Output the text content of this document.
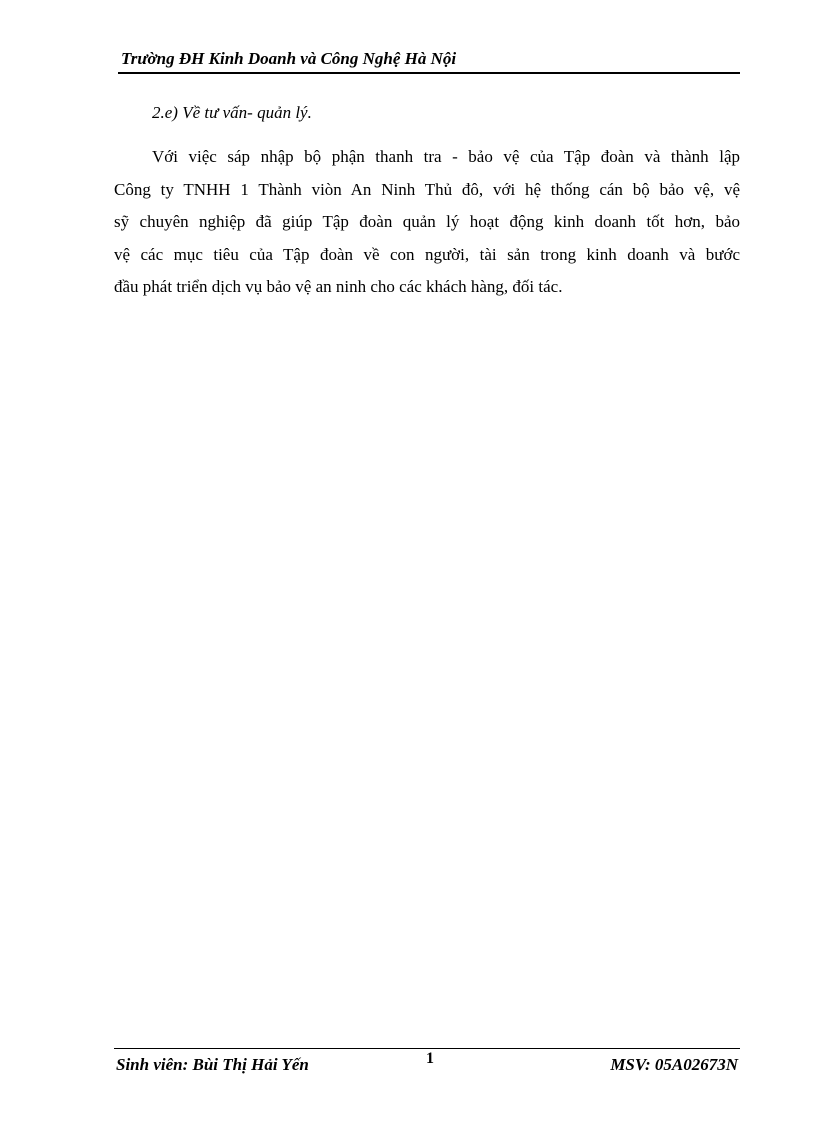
Trường ĐH Kinh Doanh và Công Nghệ Hà Nội
2.e) Về tư vấn- quản lý.
Với việc sáp nhập bộ phận thanh tra - bảo vệ của Tập đoàn và thành lập
Công ty TNHH 1 Thành viòn An Ninh Thủ đô, với hệ thống cán bộ bảo vệ, vệ
sỹ chuyên nghiệp đã giúp Tập đoàn quản lý hoạt động kinh doanh tốt hơn, bảo
vệ các mục tiêu của Tập đoàn về con người, tài sản trong kinh doanh và bước
đầu phát triển dịch vụ bảo vệ an ninh cho các khách hàng, đối tác.
Sinh viên: Bùi Thị Hải Yến	1	MSV: 05A02673N
